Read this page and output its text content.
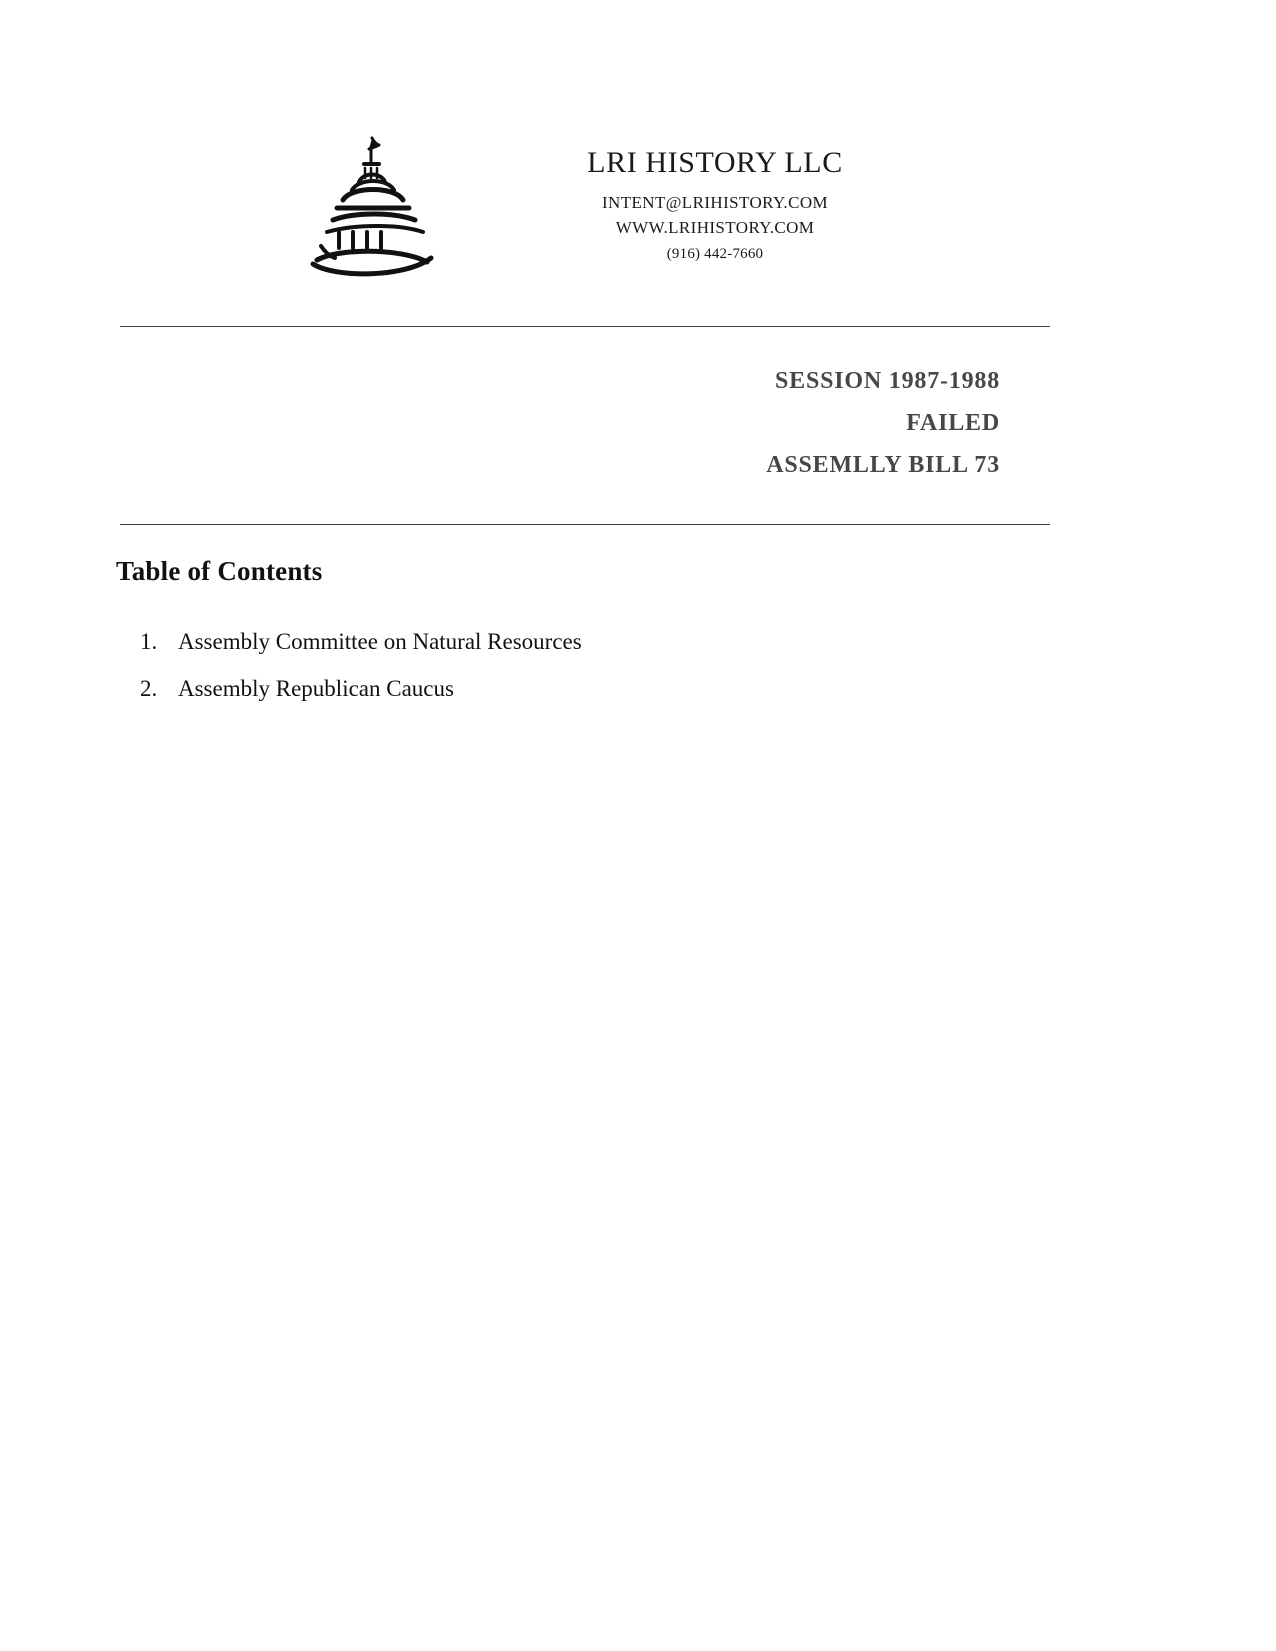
LRI HISTORY LLC
INTENT@LRIHISTORY.COM
WWW.LRIHISTORY.COM
(916) 442-7660
SESSION 1987-1988
FAILED
ASSEMLLY BILL 73
Table of Contents
1. Assembly Committee on Natural Resources
2. Assembly Republican Caucus
